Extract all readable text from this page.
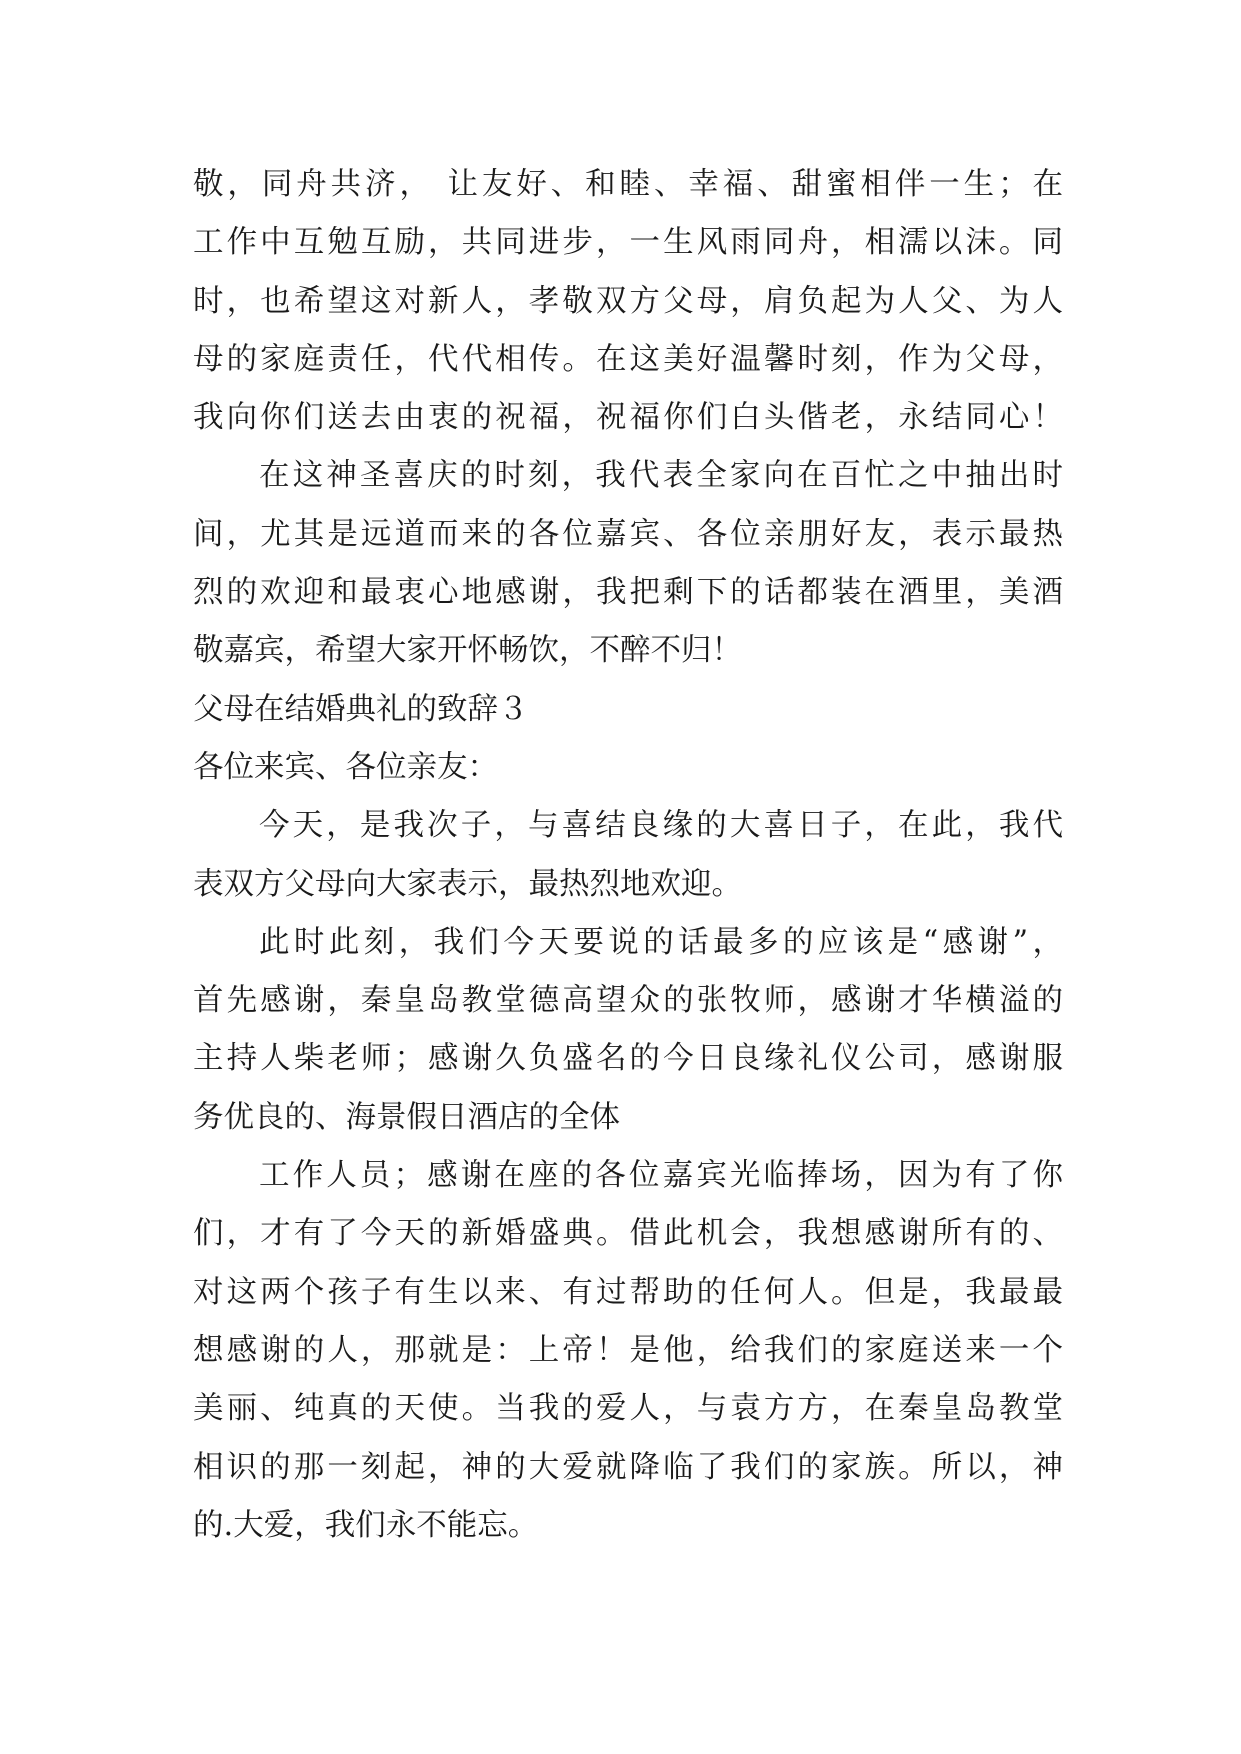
敬，同舟共济， 让友好、和睦、幸福、甜蜜相伴一生；在
工作中互勉互励，共同进步，一生风雨同舟，相濡以沫。同
时，也希望这对新人，孝敬双方父母，肩负起为人父、为人
母的家庭责任，代代相传。在这美好温馨时刻，作为父母，
我向你们送去由衷的祝福，祝福你们白头偕老，永结同心！
在这神圣喜庆的时刻，我代表全家向在百忙之中抽出时
间，尤其是远道而来的各位嘉宾、各位亲朋好友，表示最热
烈的欢迎和最衷心地感谢，我把剩下的话都装在酒里，美酒
敬嘉宾，希望大家开怀畅饮，不醉不归！
父母在结婚典礼的致辞３
各位来宾、各位亲友：
今天，是我次子，与喜结良缘的大喜日子，在此，我代
表双方父母向大家表示，最热烈地欢迎。
此时此刻，我们今天要说的话最多的应该是“感谢”，
首先感谢，秦皇岛教堂德高望众的张牧师，感谢才华横溢的
主持人柴老师；感谢久负盛名的今日良缘礼仪公司，感谢服
务优良的、海景假日酒店的全体
工作人员；感谢在座的各位嘉宾光临捧场，因为有了你
们，才有了今天的新婚盛典。借此机会，我想感谢所有的、
对这两个孩子有生以来、有过帮助的任何人。但是，我最最
想感谢的人，那就是：上帝！是他，给我们的家庭送来一个
美丽、纯真的天使。当我的爱人，与袁方方，在秦皇岛教堂
相识的那一刻起，神的大爱就降临了我们的家族。所以，神
的.大爱，我们永不能忘。
